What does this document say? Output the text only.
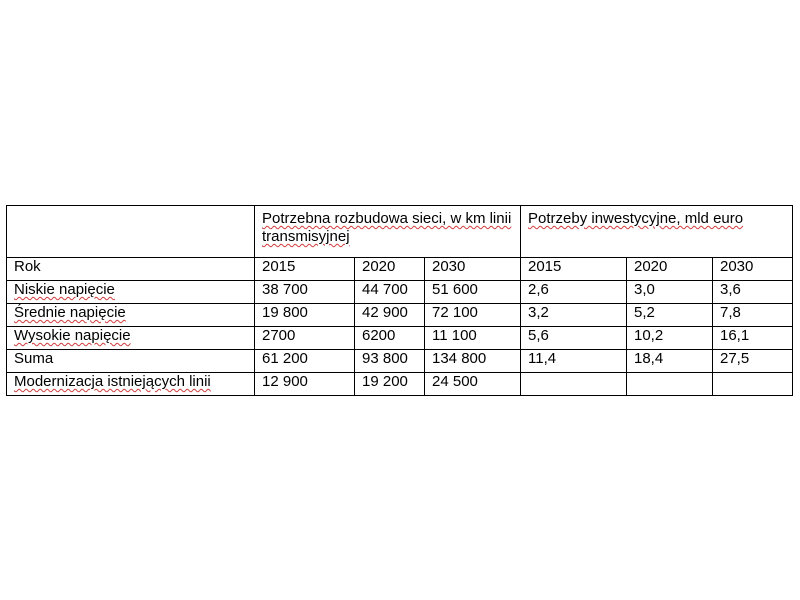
	Potrzebna rozbudowa sieci, w km linii transmisyjnej			Potrzeby inwestycyjne, mld euro		
Rok	2015	2020	2030	2015	2020	2030
Niskie napięcie	38 700	44 700	51 600	2,6	3,0	3,6
Średnie napięcie	19 800	42 900	72 100	3,2	5,2	7,8
Wysokie napięcie	2700	6200	11 100	5,6	10,2	16,1
Suma	61 200	93 800	134 800	11,4	18,4	27,5
Modernizacja istniejących linii	12 900	19 200	24 500			
